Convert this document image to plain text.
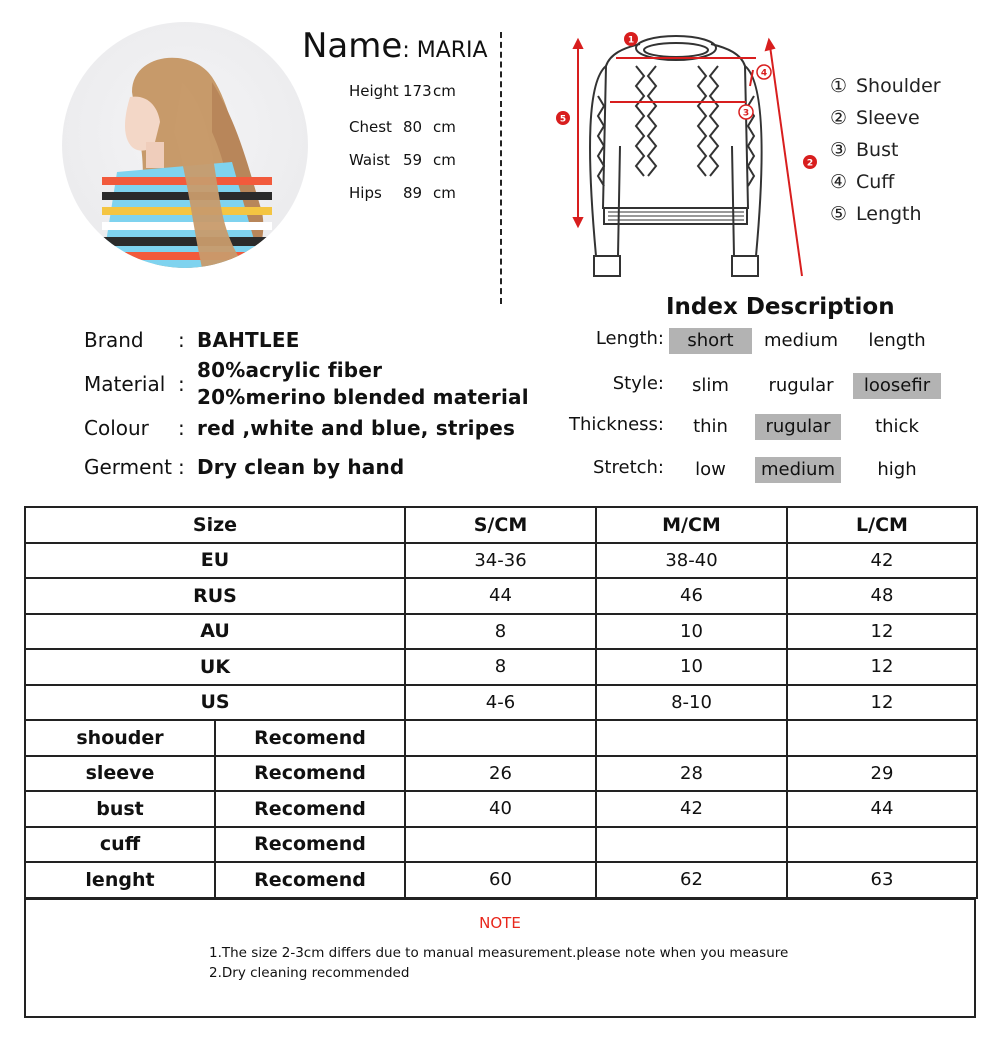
Name: MARIA
Height 173 cm
Chest 80 cm
Waist 59 cm
Hips 89 cm
1
5
2
4
3
① Shoulder
② Sleeve
③ Bust
④ Cuff
⑤ Length
Index Description
Length:	short	medium	length
Style:	slim	rugular	loosefir
Thickness:	thin	rugular	thick
Stretch:	low	medium	high
Brand : BAHTLEE
Material :
80%acrylic fiber
20%merino blended material
Colour : red ,white and blue, stripes
Germent : Dry clean by hand
Size		S/CM	M/CM	L/CM
EU		34-36	38-40	42
RUS		44	46	48
AU		8	10	12
UK		8	10	12
US		4-6	8-10	12
shouder	Recomend			
sleeve	Recomend	26	28	29
bust	Recomend	40	42	44
cuff	Recomend			
lenght	Recomend	60	62	63
NOTE
1.The size 2-3cm differs due to manual measurement.please note when you measure
2.Dry cleaning recommended
